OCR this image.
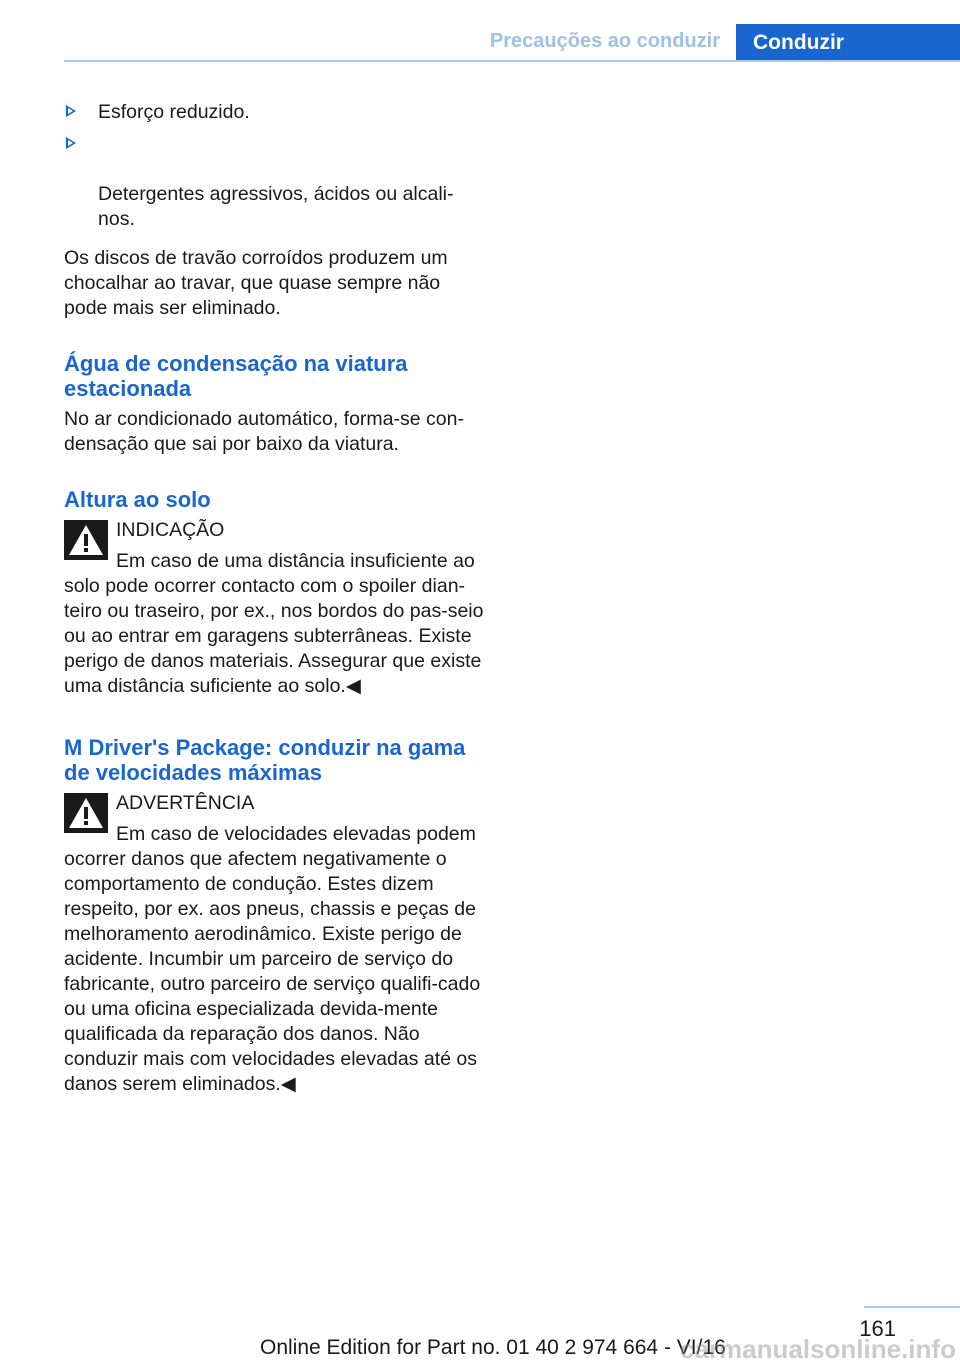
Precauções ao conduzir	Conduzir
Esforço reduzido.

Detergentes agressivos, ácidos ou alcali‐
nos.

Os discos de travão corroídos produzem um chocalhar ao travar, que quase sempre não pode mais ser eliminado.

Água de condensação na viatura estacionada

No ar condicionado automático, forma-se con‐densação que sai por baixo da viatura.

Altura ao solo
INDICAÇÃO
Em caso de uma distância insuficiente ao

solo pode ocorrer contacto com o spoiler dian‐teiro ou traseiro, por ex., nos bordos do pas‐seio ou ao entrar em garagens subterrâneas. Existe perigo de danos materiais. Assegurar que existe uma distância suficiente ao solo.◀

M Driver's Package: conduzir na gama de velocidades máximas
ADVERTÊNCIA
Em caso de velocidades elevadas podem

ocorrer danos que afectem negativamente o comportamento de condução. Estes dizem respeito, por ex. aos pneus, chassis e peças de melhoramento aerodinâmico. Existe perigo de acidente. Incumbir um parceiro de serviço do fabricante, outro parceiro de serviço qualifi‐cado ou uma oficina especializada devida‐mente qualificada da reparação dos danos. Não conduzir mais com velocidades elevadas até os danos serem eliminados.◀

161
Online Edition for Part no. 01 40 2 974 664 - VI/16
carmanualsonline.info
